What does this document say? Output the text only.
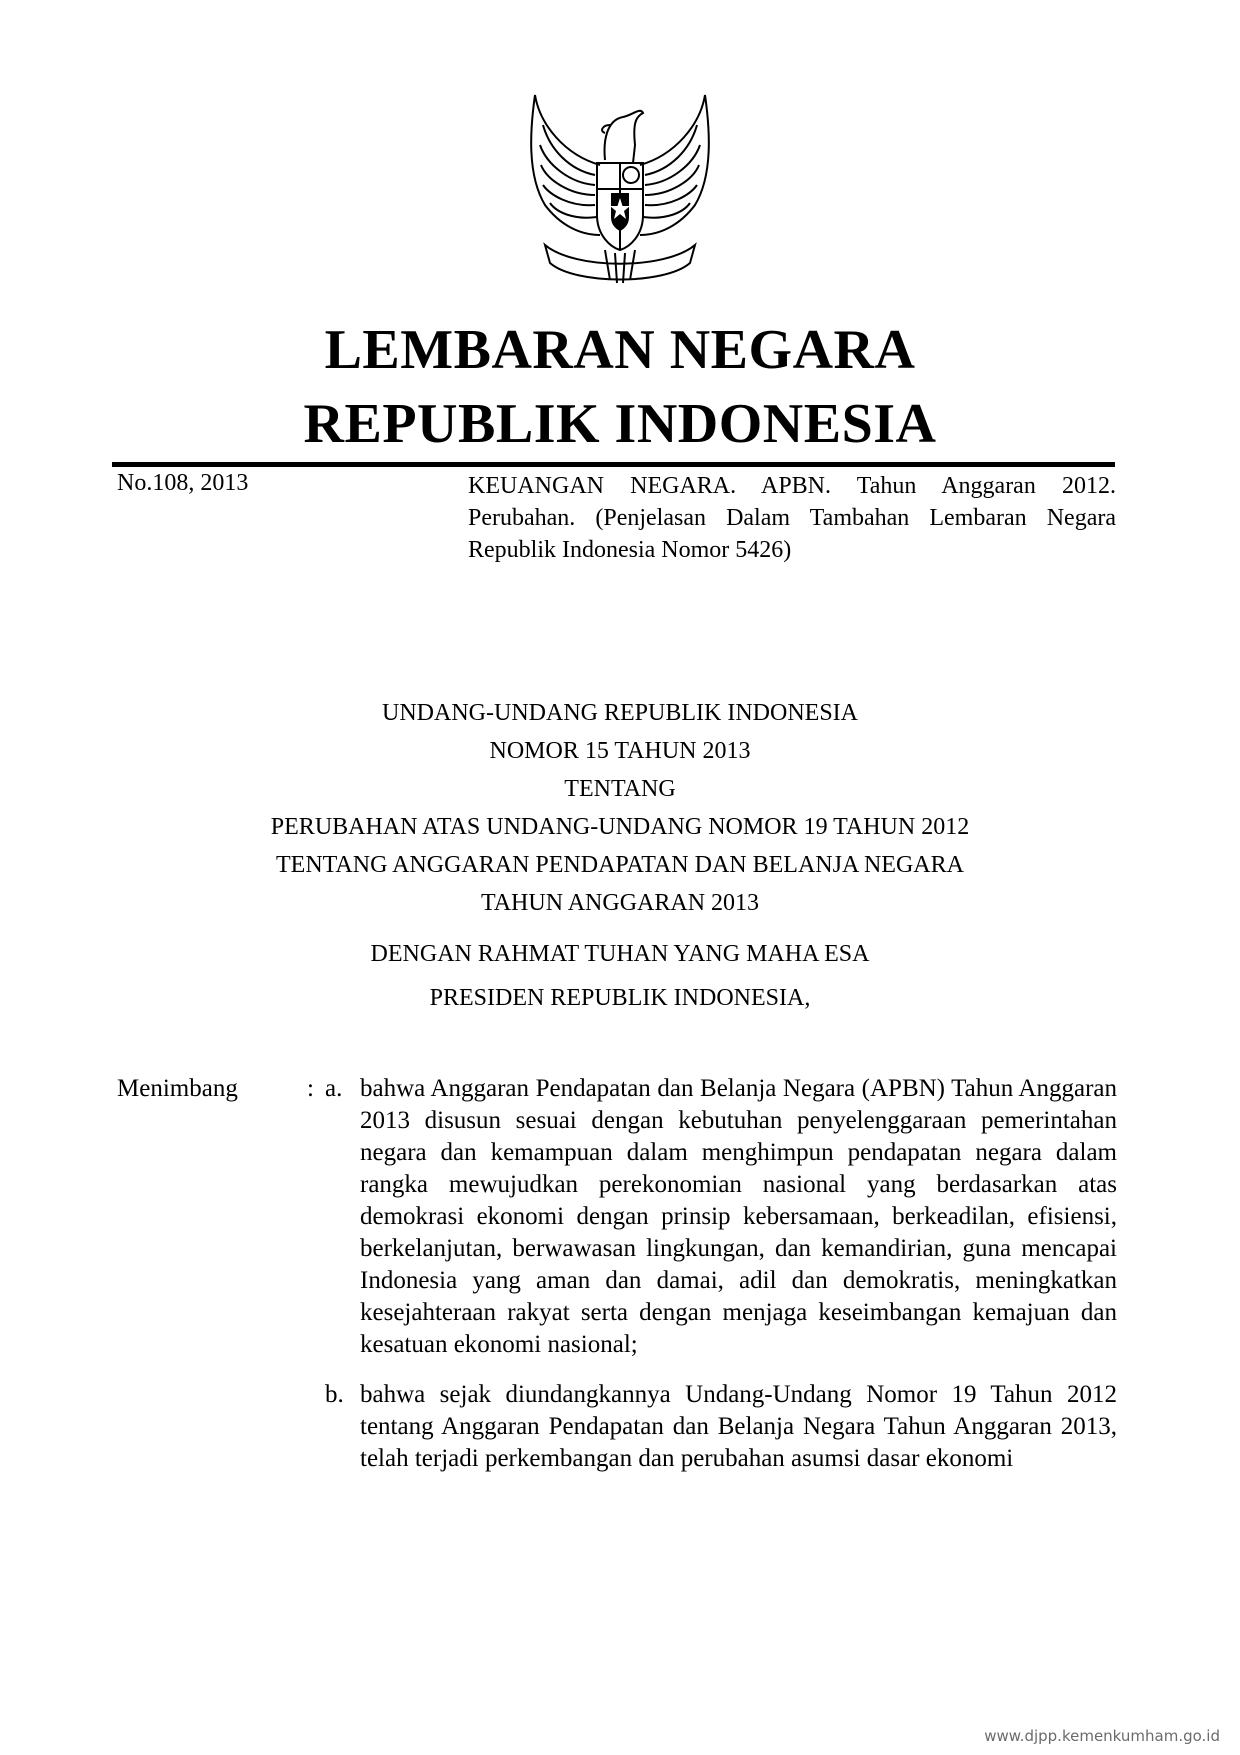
LEMBARAN NEGARA
REPUBLIK INDONESIA
No.108, 2013	KEUANGAN NEGARA. APBN. Tahun Anggaran 2012. Perubahan. (Penjelasan Dalam Tambahan Lembaran Negara Republik Indonesia Nomor 5426)
UNDANG-UNDANG REPUBLIK INDONESIA
NOMOR 15 TAHUN 2013
TENTANG
PERUBAHAN ATAS UNDANG-UNDANG NOMOR 19 TAHUN 2012
TENTANG ANGGARAN PENDAPATAN DAN BELANJA NEGARA
TAHUN ANGGARAN 2013
DENGAN RAHMAT TUHAN YANG MAHA ESA
PRESIDEN REPUBLIK INDONESIA,
Menimbang	: a. bahwa Anggaran Pendapatan dan Belanja Negara (APBN) Tahun Anggaran 2013 disusun sesuai dengan kebutuhan penyelenggaraan pemerintahan negara dan kemampuan dalam menghimpun pendapatan negara dalam rangka mewujudkan perekonomian nasional yang berdasarkan atas demokrasi ekonomi dengan prinsip kebersamaan, berkeadilan, efisiensi, berkelanjutan, berwawasan lingkungan, dan kemandirian, guna mencapai Indonesia yang aman dan damai, adil dan demokratis, meningkatkan kesejahteraan rakyat serta dengan menjaga keseimbangan kemajuan dan kesatuan ekonomi nasional;
b. bahwa sejak diundangkannya Undang-Undang Nomor 19 Tahun 2012 tentang Anggaran Pendapatan dan Belanja Negara Tahun Anggaran 2013, telah terjadi perkembangan dan perubahan asumsi dasar ekonomi
www.djpp.kemenkumham.go.id
